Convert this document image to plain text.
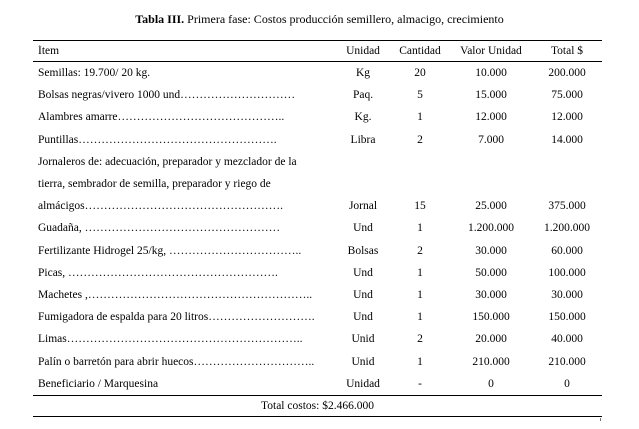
Tabla III. Primera fase: Costos producción semillero, almacigo, crecimiento
Ítem	Unidad	Cantidad	Valor Unidad	Total $
Semillas: 19.700/ 20 kg.	Kg	20	10.000	200.000
Bolsas negras/vivero 1000 und…………………………	Paq.	5	15.000	75.000
Alambres amarre……………………………………..	Kg.	1	12.000	12.000
Puntillas…………………………………………….	Libra	2	7.000	14.000
Jornaleros de: adecuación, preparador y mezclador de la
tierra, sembrador de semilla, preparador y riego de
almácigos…………………………………………….	Jornal	15	25.000	375.000
Guadaña, ……………………………………………	Und	1	1.200.000	1.200.000
Fertilizante Hidrogel 25/kg, ……………………………..	Bolsas	2	30.000	60.000
Picas, ……………………………………………….	Und	1	50.000	100.000
Machetes ,…………………………………………………..	Und	1	30.000	30.000
Fumigadora de espalda para 20 litros……………………….	Und	1	150.000	150.000
Limas……………………………………………………..	Unid	2	20.000	40.000
Palín o barretón para abrir huecos…………………………..	Unid	1	210.000	210.000
Beneficiario / Marquesina	Unidad	-	0	0
Total costos: $2.466.000
